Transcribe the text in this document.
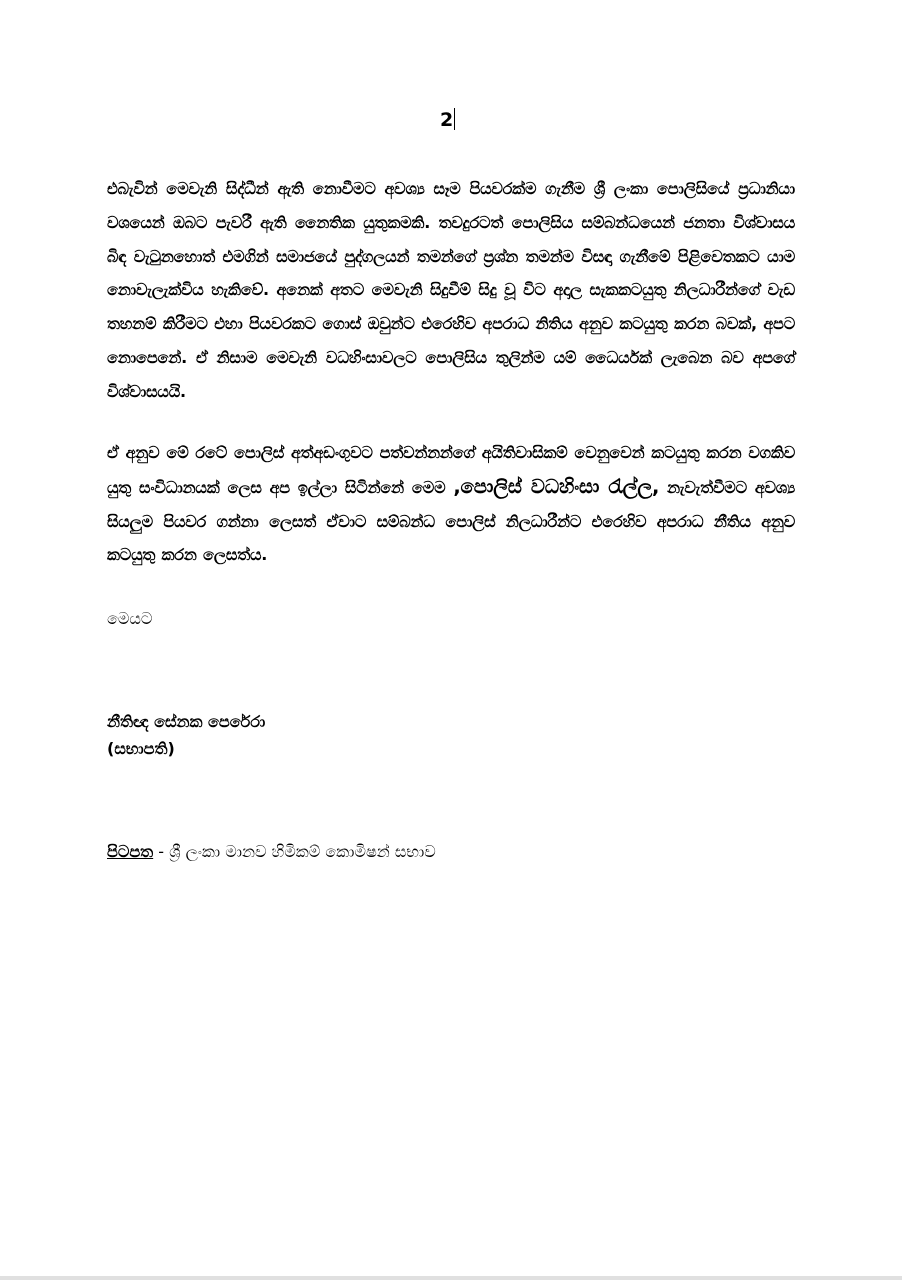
2

එබැවින් මෙවැනි සිද්ධීන් ඇති නොවීමට අවශ්‍ය සෑම පියවරක්ම ගැනීම ශ්‍රී ලංකා පොලිසියේ ප්‍රධානියා වශයෙන් ඔබට පැවරී ඇති නෛතික යුතුකමකි. තවදුරටත් පොලිසිය සම්බන්ධයෙන් ජනතා විශ්වාසය බිඳ වැටුනහොත් එමගින් සමාජයේ පුද්ගලයන් තමන්ගේ ප්‍රශ්න තමන්ම විසඳා ගැනීමේ පිළිවෙතකට යාම නොවැලැක්විය හැකිවේ. අනෙක් අතට මෙවැනි සිදුවීම් සිදු වූ විට අදාල සැකකටයුතු නිලධාරීන්ගේ වැඩ තහනම් කිරීමට එහා පියවරකට ගොස් ඔවුන්ට එරෙහිව අපරාධ නිතිය අනුව කටයුතු කරන බවක්, අපට නොපෙනේ. ඒ නිසාම මෙවැනි වධහිංසාවලට පොලිසිය තුලින්ම යම් ධෛර්යක් ලැබෙන බව අපගේ විශ්වාසයයි.

ඒ අනුව මේ රටේ පොලිස් අත්අඩංගුවට පත්වන්නන්ගේ අයිතිවාසිකම් වෙනුවෙන් කටයුතු කරන වගකිව යුතු සංවිධානයක් ලෙස අප ඉල්ලා සිටින්නේ මෙම ,පොලිස් වධහිංසා රැල්ල, නැවැත්වීමට අවශ්‍ය සියලුම පියවර ගන්නා ලෙසත් ඒවාට සම්බන්ධ පොලිස් නිලධාරීන්ට එරෙහිව අපරාධ නීතිය අනුව කටයුතු කරන ලෙසත්ය.

මෙයට
නීතිඥ සේනක පෙරේරා
(සභාපති)
පිටපත - ශ්‍රී ලංකා මානව හිමිකම් කොමිෂන් සභාව
